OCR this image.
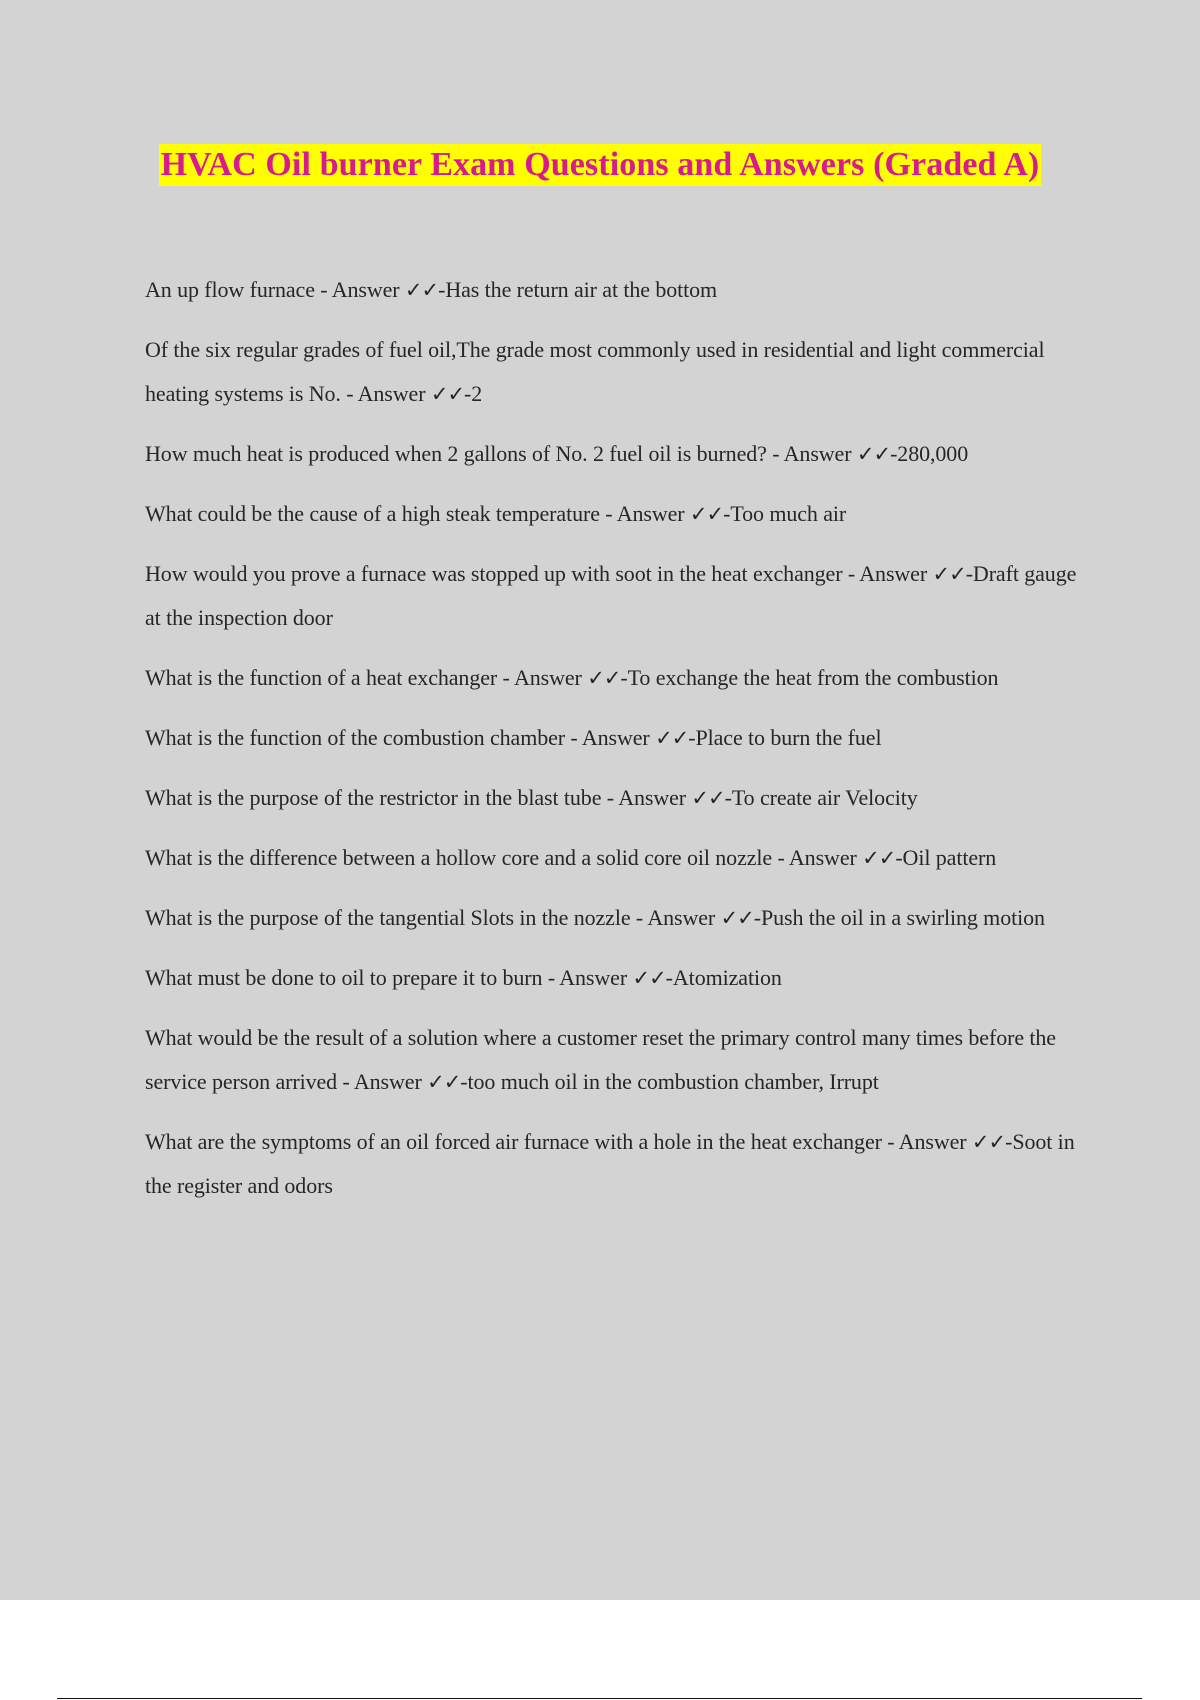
HVAC Oil burner Exam Questions and Answers (Graded A)
An up flow furnace - Answer ✓✓-Has the return air at the bottom
Of the six regular grades of fuel oil,The grade most commonly used in residential and light commercial heating systems is No. - Answer ✓✓-2
How much heat is produced when 2 gallons of No. 2 fuel oil is burned? - Answer ✓✓-280,000
What could be the cause of a high steak temperature - Answer ✓✓-Too much air
How would you prove a furnace was stopped up with soot in the heat exchanger - Answer ✓✓-Draft gauge at the inspection door
What is the function of a heat exchanger - Answer ✓✓-To exchange the heat from the combustion
What is the function of the combustion chamber - Answer ✓✓-Place to burn the fuel
What is the purpose of the restrictor in the blast tube - Answer ✓✓-To create air Velocity
What is the difference between a hollow core and a solid core oil nozzle - Answer ✓✓-Oil pattern
What is the purpose of the tangential Slots in the nozzle - Answer ✓✓-Push the oil in a swirling motion
What must be done to oil to prepare it to burn - Answer ✓✓-Atomization
What would be the result of a solution where a customer reset the primary control many times before the service person arrived - Answer ✓✓-too much oil in the combustion chamber, Irrupt
What are the symptoms of an oil forced air furnace with a hole in the heat exchanger - Answer ✓✓-Soot in the register and odors
